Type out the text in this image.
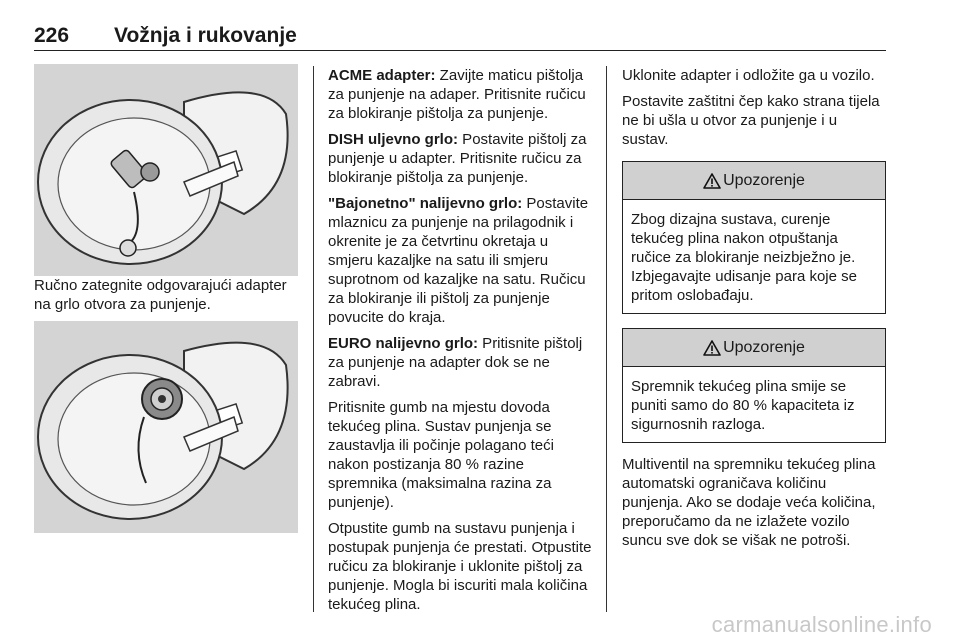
226 Vožnja i rukovanje

Ručno zategnite odgovarajući adapter na grlo otvora za punjenje.

ACME adapter: Zavijte maticu pištolja za punjenje na adaper. Pritisnite ručicu za blokiranje pištolja za punjenje.

DISH uljevno grlo: Postavite pištolj za punjenje u adapter. Pritisnite ručicu za blokiranje pištolja za punjenje.

"Bajonetno" nalijevno grlo: Postavite mlaznicu za punjenje na prilagodnik i okrenite je za četvrtinu okretaja u smjeru kazaljke na satu ili smjeru suprotnom od kazaljke na satu. Ručicu za blokiranje ili pištolj za punjenje povucite do kraja.

EURO nalijevno grlo: Pritisnite pištolj za punjenje na adapter dok se ne zabravi.

Pritisnite gumb na mjestu dovoda tekućeg plina. Sustav punjenja se zaustavlja ili počinje polagano teći nakon postizanja 80 % razine spremnika (maksimalna razina za punjenje).

Otpustite gumb na sustavu punjenja i postupak punjenja će prestati. Otpustite ručicu za blokiranje i uklonite pištolj za punjenje. Mogla bi iscuriti mala količina tekućeg plina.

Uklonite adapter i odložite ga u vozilo.

Postavite zaštitni čep kako strana tijela ne bi ušla u otvor za punjenje i u sustav.

Upozorenje
Zbog dizajna sustava, curenje tekućeg plina nakon otpuštanja ručice za blokiranje neizbježno je. Izbjegavajte udisanje para koje se pritom oslobađaju.
Upozorenje
Spremnik tekućeg plina smije se puniti samo do 80 % kapaciteta iz sigurnosnih razloga.

Multiventil na spremniku tekućeg plina automatski ograničava količinu punjenja. Ako se dodaje veća količina, preporučamo da ne izlažete vozilo suncu sve dok se višak ne potroši.

carmanualsonline.info
